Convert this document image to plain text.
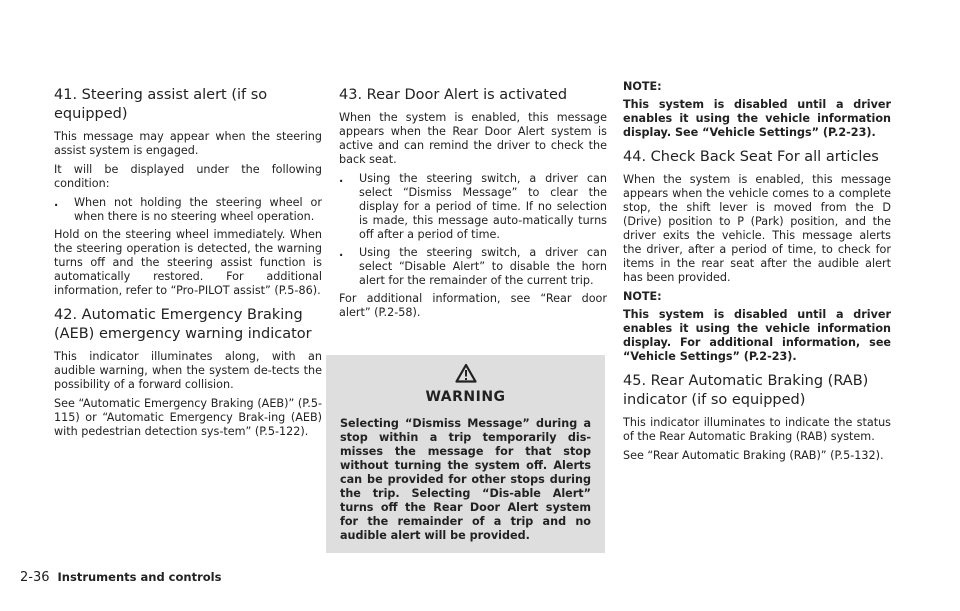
41. Steering assist alert (if so equipped)

This message may appear when the steering assist system is engaged.

It will be displayed under the following condition:

.	When not holding the steering wheel or when there is no steering wheel operation.

Hold on the steering wheel immediately. When the steering operation is detected, the warning turns off and the steering assist function is automatically restored. For additional information, refer to “Pro-PILOT assist” (P.5-86).

42. Automatic Emergency Braking (AEB) emergency warning indicator

This indicator illuminates along, with an audible warning, when the system de-tects the possibility of a forward collision.

See “Automatic Emergency Braking (AEB)” (P.5-115) or “Automatic Emergency Brak-ing (AEB) with pedestrian detection sys-tem” (P.5-122).

43. Rear Door Alert is activated

When the system is enabled, this message appears when the Rear Door Alert system is active and can remind the driver to check the back seat.

.	Using the steering switch, a driver can select “Dismiss Message” to clear the display for a period of time. If no selection is made, this message auto-matically turns off after a period of time.
.	Using the steering switch, a driver can select “Disable Alert” to disable the horn alert for the remainder of the current trip.

For additional information, see “Rear door alert” (P.2-58).

WARNING
Selecting “Dismiss Message” during a stop within a trip temporarily dis-misses the message for that stop without turning the system off. Alerts can be provided for other stops during the trip. Selecting “Dis-able Alert” turns off the Rear Door Alert system for the remainder of a trip and no audible alert will be provided.
NOTE:
This system is disabled until a driver enables it using the vehicle information display. See “Vehicle Settings” (P.2-23).
44. Check Back Seat For all articles

When the system is enabled, this message appears when the vehicle comes to a complete stop, the shift lever is moved from the D (Drive) position to P (Park) position, and the driver exits the vehicle. This message alerts the driver, after a period of time, to check for items in the rear seat after the audible alert has been provided.

NOTE:
This system is disabled until a driver enables it using the vehicle information display. For additional information, see “Vehicle Settings” (P.2-23).
45. Rear Automatic Braking (RAB) indicator (if so equipped)

This indicator illuminates to indicate the status of the Rear Automatic Braking (RAB) system.

See “Rear Automatic Braking (RAB)” (P.5-132).

2-36 Instruments and controls
